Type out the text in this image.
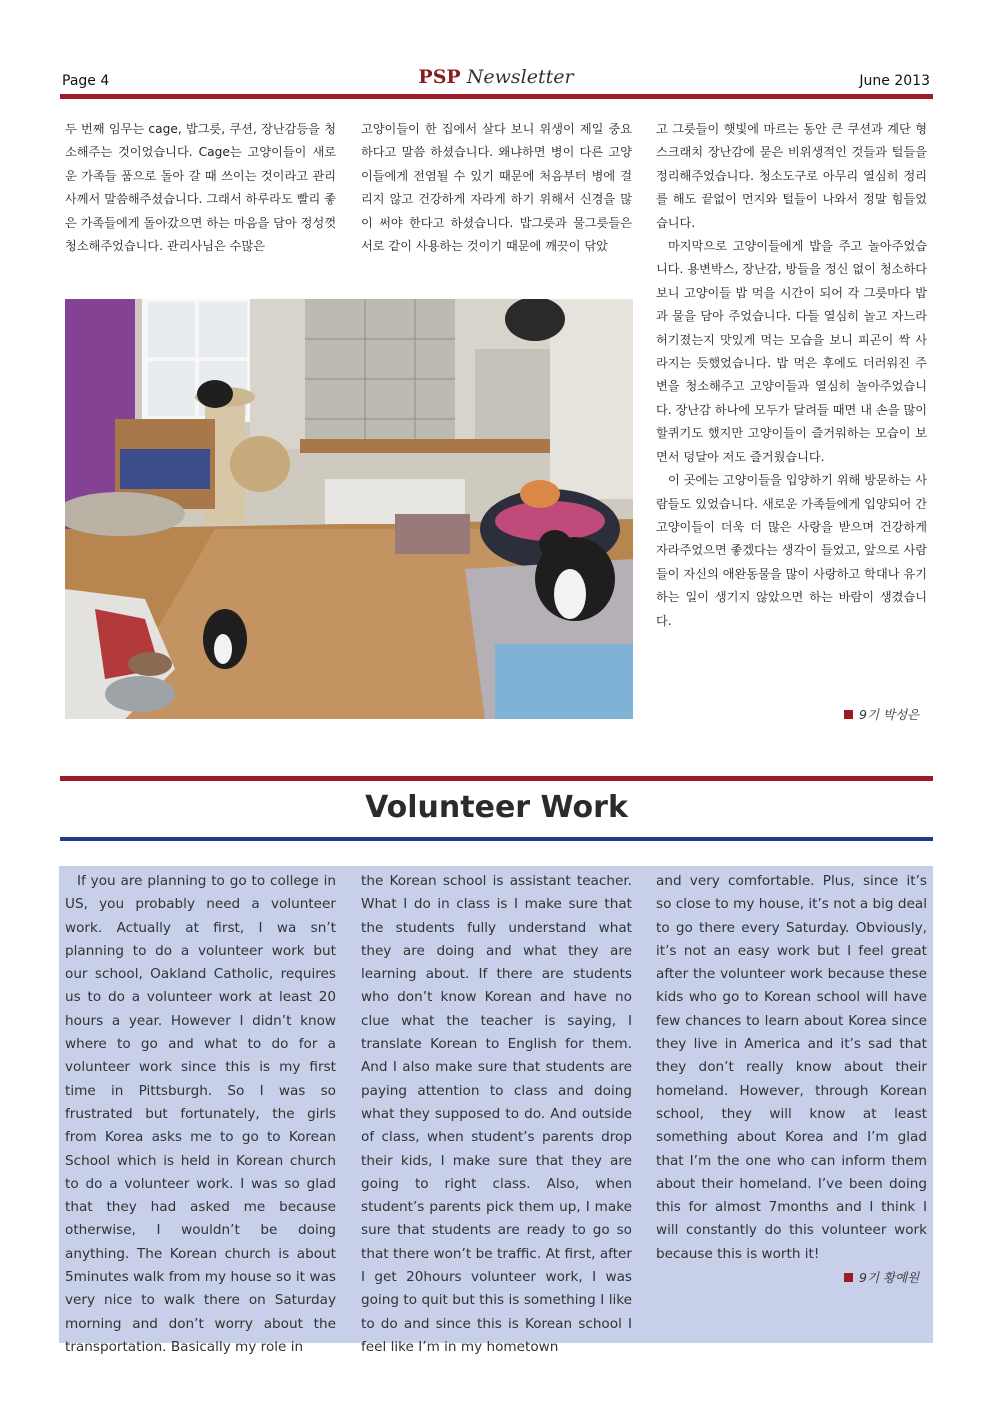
Page 4	PSP Newsletter	June 2013

두 번째 임무는 cage, 밥그릇, 쿠션, 장난감등을 청소해주는 것이었습니다. Cage는 고양이들이 새로운 가족들 품으로 돌아 갈 때 쓰이는 것이라고 관리사께서 말씀해주셨습니다. 그래서 하루라도 빨리 좋은 가족들에게 돌아갔으면 하는 마음을 담아 정성껏 청소해주었습니다. 관리사님은 수많은

고양이들이 한 집에서 살다 보니 위생이 제일 중요하다고 말씀 하셨습니다. 왜냐하면 병이 다른 고양이들에게 전염될 수 있기 때문에 처음부터 병에 걸리지 않고 건강하게 자라게 하기 위해서 신경을 많이 써야 한다고 하셨습니다. 밥그릇과 물그릇들은 서로 같이 사용하는 것이기 때문에 깨끗이 닦았

고 그릇들이 햇빛에 마르는 동안 큰 쿠션과 계단 형 스크래치 장난감에 묻은 비위생적인 것들과 털들을 정리해주었습니다. 청소도구로 아무리 열심히 정리를 해도 끝없이 먼지와 털들이 나와서 정말 힘들었습니다.

마지막으로 고양이들에게 밥을 주고 놀아주었습니다. 용변박스, 장난감, 방들을 정신 없이 청소하다 보니 고양이들 밥 먹을 시간이 되어 각 그릇마다 밥과 물을 담아 주었습니다. 다들 열심히 놀고 자느라 허기졌는지 맛있게 먹는 모습을 보니 피곤이 싹 사라지는 듯했었습니다. 밥 먹은 후에도 더러워진 주변을 청소해주고 고양이들과 열심히 놀아주었습니다. 장난감 하나에 모두가 달려들 때면 내 손을 많이 할퀴기도 했지만 고양이들이 즐거워하는 모습이 보면서 덩달아 저도 즐거웠습니다.

이 곳에는 고양이들을 입양하기 위해 방문하는 사람들도 있었습니다. 새로운 가족들에게 입양되어 간 고양이들이 더욱 더 많은 사랑을 받으며 건강하게 자라주었으면 좋겠다는 생각이 들었고, 앞으로 사람들이 자신의 애완동물을 많이 사랑하고 학대나 유기하는 일이 생기지 않았으면 하는 바람이 생겼습니다.

9기 박성은
Volunteer Work

If you are planning to go to college in US, you probably need a volunteer work. Actually at first, I wa sn’t planning to do a volunteer work but our school, Oakland Catholic, requires us to do a volunteer work at least 20 hours a year. However I didn’t know where to go and what to do for a volunteer work since this is my first time in Pittsburgh. So I was so frustrated but fortunately, the girls from Korea asks me to go to Korean School which is held in Korean church to do a volunteer work. I was so glad that they had asked me because otherwise, I wouldn’t be doing anything. The Korean church is about 5minutes walk from my house so it was very nice to walk there on Saturday morning and don’t worry about the transportation. Basically my role in

the Korean school is assistant teacher. What I do in class is I make sure that the students fully understand what they are doing and what they are learning about. If there are students who don’t know Korean and have no clue what the teacher is saying, I translate Korean to English for them. And I also make sure that students are paying attention to class and doing what they supposed to do. And outside of class, when student’s parents drop their kids, I make sure that they are going to right class. Also, when student’s parents pick them up, I make sure that students are ready to go so that there won’t be traffic. At first, after I get 20hours volunteer work, I was going to quit but this is something I like to do and since this is Korean school I feel like I’m in my hometown

and very comfortable. Plus, since it’s so close to my house, it’s not a big deal to go there every Saturday. Obviously, it’s not an easy work but I feel great after the volunteer work because these kids who go to Korean school will have few chances to learn about Korea since they live in America and it’s sad that they don’t really know about their homeland. However, through Korean school, they will know at least something about Korea and I’m glad that I’m the one who can inform them about their homeland. I’ve been doing this for almost 7months and I think I will constantly do this volunteer work because this is worth it!

9기 황예원
